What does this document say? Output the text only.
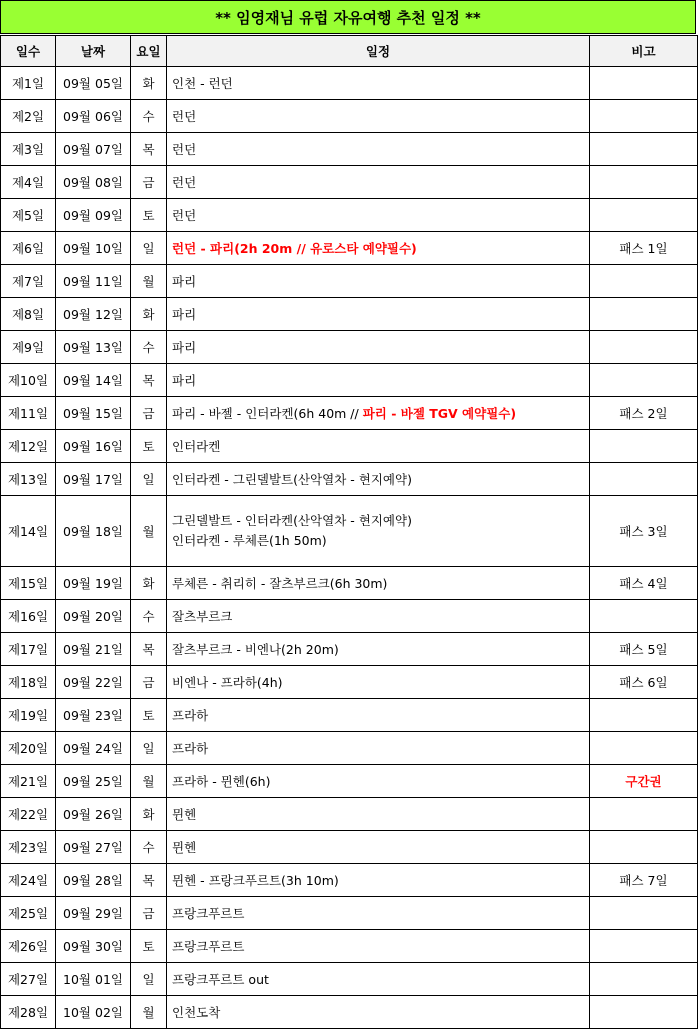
** 임영재님 유럽 자유여행 추천 일정 **
일수	날짜	요일	일정	비고
제1일	09월 05일	화	인천 - 런던	
제2일	09월 06일	수	런던	
제3일	09월 07일	목	런던	
제4일	09월 08일	금	런던	
제5일	09월 09일	토	런던	
제6일	09월 10일	일	런던 - 파리(2h 20m // 유로스타 예약필수)	패스 1일
제7일	09월 11일	월	파리	
제8일	09월 12일	화	파리	
제9일	09월 13일	수	파리	
제10일	09월 14일	목	파리	
제11일	09월 15일	금	파리 - 바젤 - 인터라켄(6h 40m // 파리 - 바젤 TGV 예약필수)	패스 2일
제12일	09월 16일	토	인터라켄	
제13일	09월 17일	일	인터라켄 - 그린델발트(산악열차 - 현지예약)	
제14일	09월 18일	월	그린델발트 - 인터라켄(산악열차 - 현지예약)
인터라켄 - 루체른(1h 50m)	패스 3일
제15일	09월 19일	화	루체른 - 취리히 - 잘츠부르크(6h 30m)	패스 4일
제16일	09월 20일	수	잘츠부르크	
제17일	09월 21일	목	잘츠부르크 - 비엔나(2h 20m)	패스 5일
제18일	09월 22일	금	비엔나 - 프라하(4h)	패스 6일
제19일	09월 23일	토	프라하	
제20일	09월 24일	일	프라하	
제21일	09월 25일	월	프라하 - 뮌헨(6h)	구간권
제22일	09월 26일	화	뮌헨	
제23일	09월 27일	수	뮌헨	
제24일	09월 28일	목	뮌헨 - 프랑크푸르트(3h 10m)	패스 7일
제25일	09월 29일	금	프랑크푸르트	
제26일	09월 30일	토	프랑크푸르트	
제27일	10월 01일	일	프랑크푸르트 out	
제28일	10월 02일	월	인천도착	
